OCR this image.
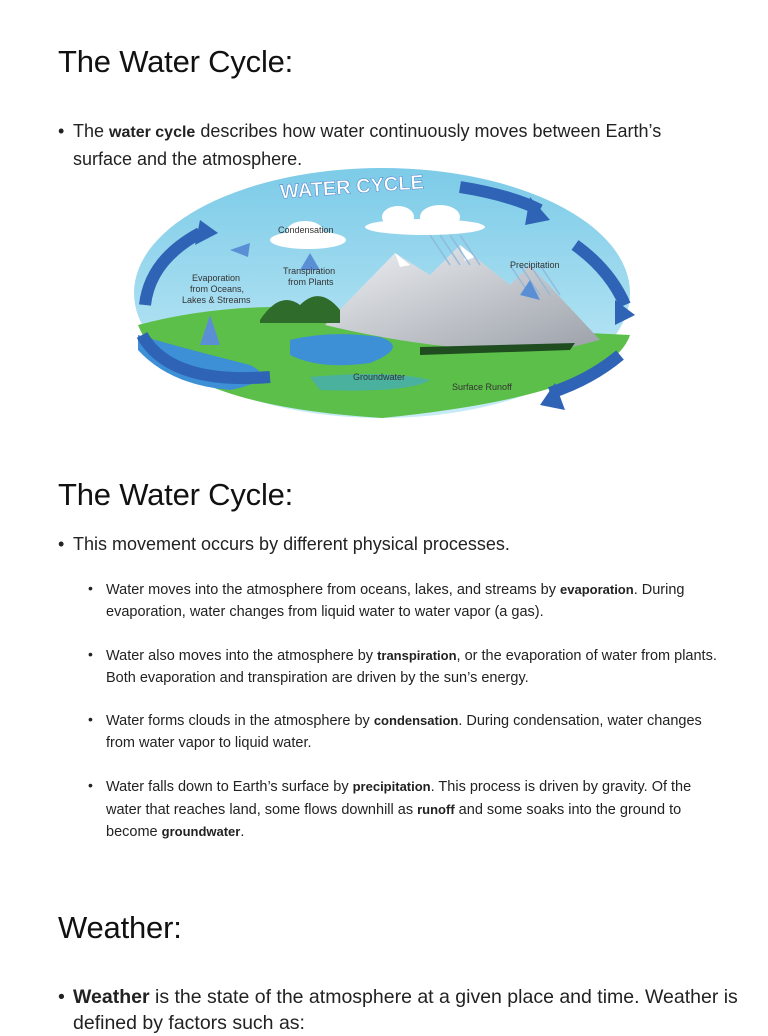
The Water Cycle:
• The water cycle describes how water continuously moves between Earth’s surface and the atmosphere.
WATER CYCLE
Condensation
Transpiration
from Plants
Evaporation
from Oceans,
Lakes & Streams
Precipitation
Groundwater
Surface Runoff
The Water Cycle:
• This movement occurs by different physical processes.
• Water moves into the atmosphere from oceans, lakes, and streams by evaporation. During evaporation, water changes from liquid water to water vapor (a gas).
• Water also moves into the atmosphere by transpiration, or the evaporation of water from plants. Both evaporation and transpiration are driven by the sun’s energy.
• Water forms clouds in the atmosphere by condensation. During condensation, water changes from water vapor to liquid water.
• Water falls down to Earth’s surface by precipitation. This process is driven by gravity. Of the water that reaches land, some flows downhill as runoff and some soaks into the ground to become groundwater.
Weather:
• Weather is the state of the atmosphere at a given place and time. Weather is defined by factors such as:
